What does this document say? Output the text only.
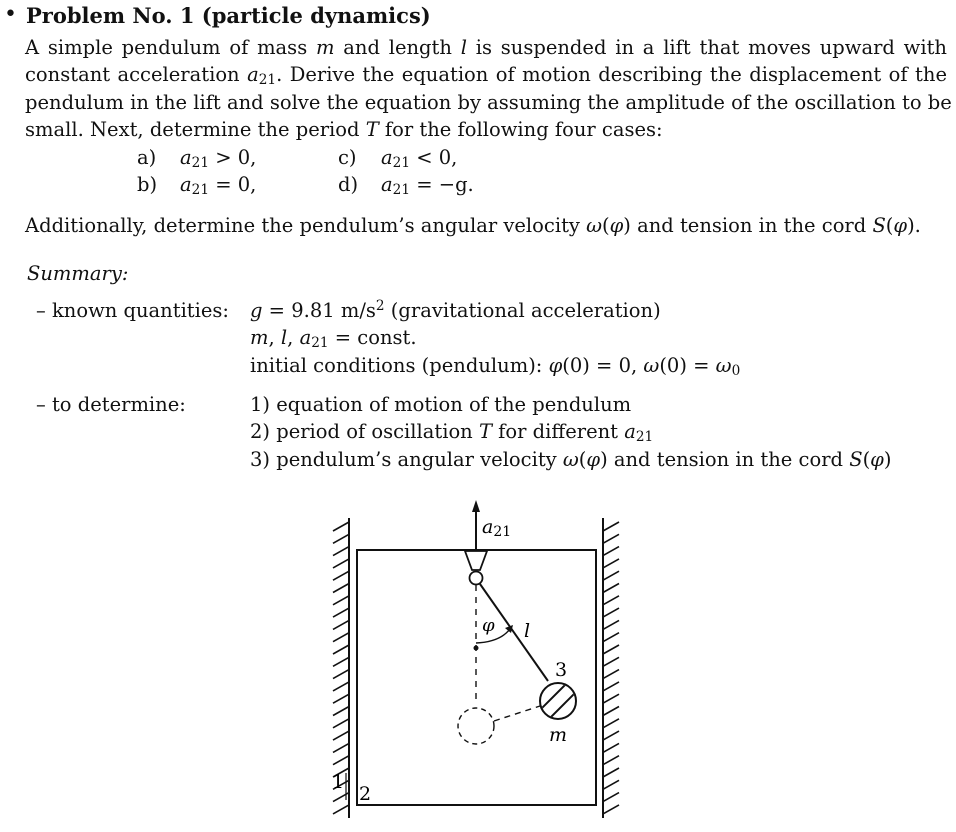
• Problem No. 1 (particle dynamics)
A simple pendulum of mass m and length l is suspended in a lift that moves upward with
constant acceleration $a_{21}$. Derive the equation of motion describing the displacement of the
pendulum in the lift and solve the equation by assuming the amplitude of the oscillation to be
small. Next, determine the period T for the following four cases:
a) $a_{21} > 0$,
b) $a_{21} = 0$,
c) $a_{21} < 0$,
d) $a_{21} = -g$.
Additionally, determine the pendulum’s angular velocity ω(φ) and tension in the cord S(φ).
Summary:
– known quantities: g = 9.81 $m/s^2$ (gravitational acceleration)
m, l, $a_{21}$ = const.
initial conditions (pendulum): φ(0) = 0, $\omega(0) = \omega_0$
– to determine:	1) equation of motion of the pendulum
2) period of oscillation T for different $a_{21}$
3) pendulum’s angular velocity ω(φ) and tension in the cord S(φ)
a21
φ l
3
m
1
2
